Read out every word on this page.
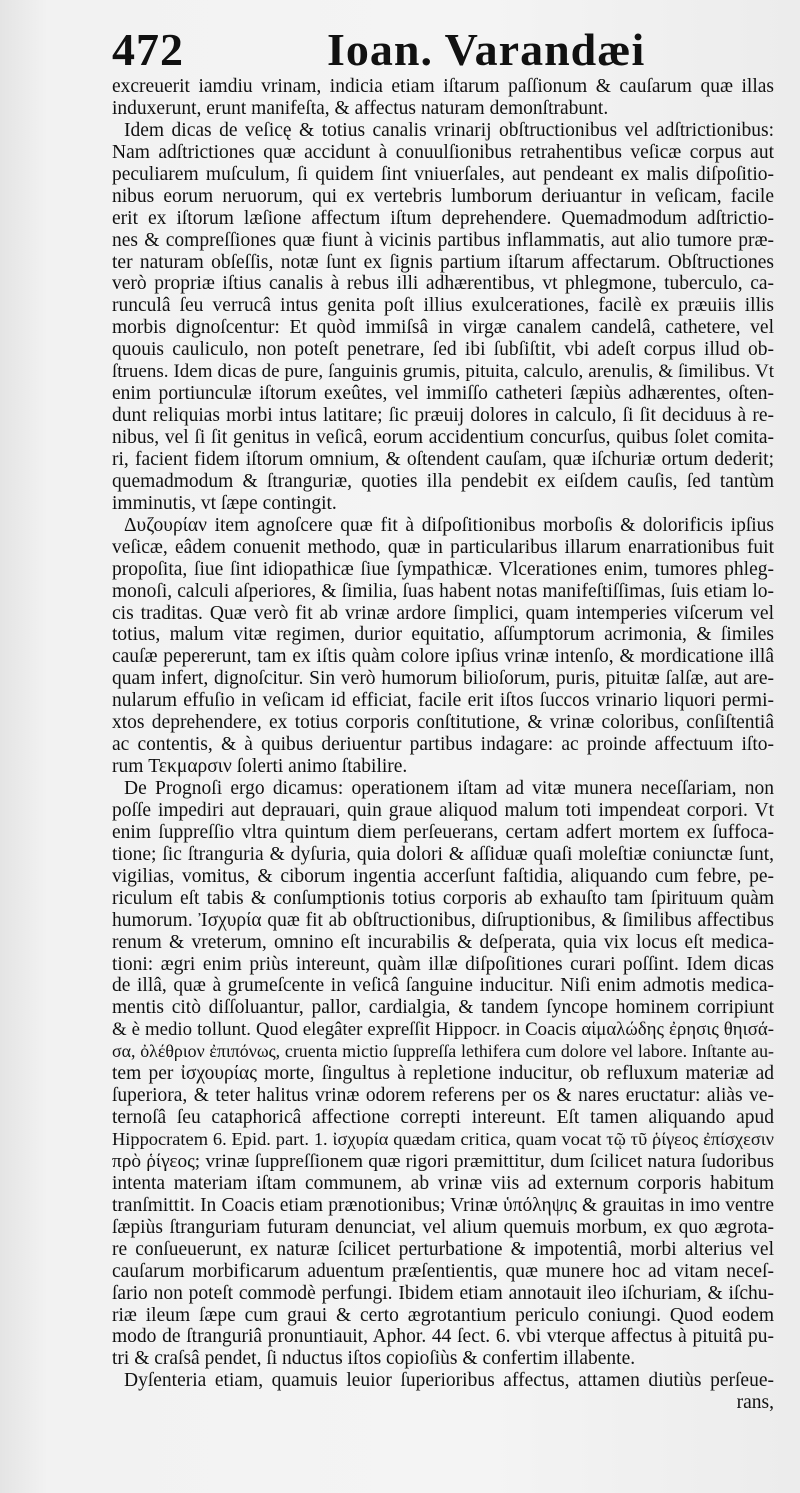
472	Ioan. Varandæi
excreuerit iamdiu vrinam, indicia etiam iſtarum paſſionum & cauſarum quæ illas
induxerunt, erunt manifeſta, & affectus naturam demonſtrabunt.
Idem dicas de veſicę & totius canalis vrinarij obſtructionibus vel adſtrictionibus:
Nam adſtrictiones quæ accidunt à conuulſionibus retrahentibus veſicæ corpus aut
peculiarem muſculum, ſi quidem ſint vniuerſales, aut pendeant ex malis diſpoſitio-
nibus eorum neruorum, qui ex vertebris lumborum deriuantur in veſicam, facile
erit ex iſtorum læſione affectum iſtum deprehendere. Quemadmodum adſtrictio-
nes & compreſſiones quæ fiunt à vicinis partibus inflammatis, aut alio tumore præ-
ter naturam obſeſſis, notæ ſunt ex ſignis partium iſtarum affectarum. Obſtructiones
verò propriæ iſtius canalis à rebus illi adhærentibus, vt phlegmone, tuberculo, ca-
runculâ ſeu verrucâ intus genita poſt illius exulcerationes, facilè ex præuiis illis
morbis dignoſcentur: Et quòd immiſsâ in virgæ canalem candelâ, cathetere, vel
quouis cauliculo, non poteſt penetrare, ſed ibi ſubſiſtit, vbi adeſt corpus illud ob-
ſtruens. Idem dicas de pure, ſanguinis grumis, pituita, calculo, arenulis, & ſimilibus. Vt
enim portiunculæ iſtorum exeûtes, vel immiſſo catheteri ſæpiùs adhærentes, oſten-
dunt reliquias morbi intus latitare; ſic præuij dolores in calculo, ſi ſit deciduus à re-
nibus, vel ſi ſit genitus in veſicâ, eorum accidentium concurſus, quibus ſolet comita-
ri, facient fidem iſtorum omnium, & oſtendent cauſam, quæ iſchuriæ ortum dederit;
quemadmodum & ſtranguriæ, quoties illa pendebit ex eiſdem cauſis, ſed tantùm
imminutis, vt ſæpe contingit.
Δυζουρίαν item agnoſcere quæ fit à diſpoſitionibus morboſis & dolorificis ipſius
veſicæ, eâdem conuenit methodo, quæ in particularibus illarum enarrationibus fuit
propoſita, ſiue ſint idiopathicæ ſiue ſympathicæ. Vlcerationes enim, tumores phleg-
monoſi, calculi aſperiores, & ſimilia, ſuas habent notas manifeſtiſſimas, ſuis etiam lo-
cis traditas. Quæ verò fit ab vrinæ ardore ſimplici, quam intemperies viſcerum vel
totius, malum vitæ regimen, durior equitatio, aſſumptorum acrimonia, & ſimiles
cauſæ pepererunt, tam ex iſtis quàm colore ipſius vrinæ intenſo, & mordicatione illâ
quam infert, dignoſcitur. Sin verò humorum bilioſorum, puris, pituitæ ſalſæ, aut are-
nularum effuſio in veſicam id efficiat, facile erit iſtos ſuccos vrinario liquori permi-
xtos deprehendere, ex totius corporis conſtitutione, & vrinæ coloribus, conſiſtentiâ
ac contentis, & à quibus deriuentur partibus indagare: ac proinde affectuum iſto-
rum Τεκμαρσιν ſolerti animo ſtabilire.
De Prognoſi ergo dicamus: operationem iſtam ad vitæ munera neceſſariam, non
poſſe impediri aut deprauari, quin graue aliquod malum toti impendeat corpori. Vt
enim ſuppreſſio vltra quintum diem perſeuerans, certam adfert mortem ex ſuffoca-
tione; ſic ſtranguria & dyſuria, quia dolori & aſſiduæ quaſi moleſtiæ coniunctæ ſunt,
vigilias, vomitus, & ciborum ingentia accerſunt faſtidia, aliquando cum febre, pe-
riculum eſt tabis & conſumptionis totius corporis ab exhauſto tam ſpirituum quàm
humorum. Ἰσχυρία quæ fit ab obſtructionibus, diſruptionibus, & ſimilibus affectibus
renum & vreterum, omnino eſt incurabilis & deſperata, quia vix locus eſt medica-
tioni: ægri enim priùs intereunt, quàm illæ diſpoſitiones curari poſſint. Idem dicas
de illâ, quæ à grumeſcente in veſicâ ſanguine inducitur. Niſi enim admotis medica-
mentis citò diſſoluantur, pallor, cardialgia, & tandem ſyncope hominem corripiunt
& è medio tollunt. Quod elegâter expreſſit Hippocr. in Coacis αἱμαλώδης ἐρησις θηισά-
σα, ὀλέθριον ἐπιπόνως, cruenta mictio ſuppreſſa lethifera cum dolore vel labore. Inſtante au-
tem per ἰσχουρίας morte, ſingultus à repletione inducitur, ob refluxum materiæ ad
ſuperiora, & teter halitus vrinæ odorem referens per os & nares eructatur: aliàs ve-
ternoſâ ſeu cataphoricâ affectione correpti intereunt. Eſt tamen aliquando apud
Hippocratem 6. Epid. part. 1. ἰσχυρία quædam critica, quam vocat τῷ τῦ ῥίγεος ἐπίσχεσιν
πρὸ ῥίγεος; vrinæ ſuppreſſionem quæ rigori præmittitur, dum ſcilicet natura ſudoribus
intenta materiam iſtam communem, ab vrinæ viis ad externum corporis habitum
tranſmittit. In Coacis etiam prænotionibus; Vrinæ ὑπόληψις & grauitas in imo ventre
ſæpiùs ſtranguriam futuram denunciat, vel alium quemuis morbum, ex quo ægrota-
re conſueuerunt, ex naturæ ſcilicet perturbatione & impotentiâ, morbi alterius vel
cauſarum morbificarum aduentum præſentientis, quæ munere hoc ad vitam neceſ-
ſario non poteſt commodè perfungi. Ibidem etiam annotauit ileo iſchuriam, & iſchu-
riæ ileum ſæpe cum graui & certo ægrotantium periculo coniungi. Quod eodem
modo de ſtranguriâ pronuntiauit, Aphor. 44 ſect. 6. vbi vterque affectus à pituitâ pu-
tri & craſsâ pendet, ſi nductus iſtos copioſiùs & confertim illabente.
Dyſenteria etiam, quamuis leuior ſuperioribus affectus, attamen diutiùs perſeue-
rans,
